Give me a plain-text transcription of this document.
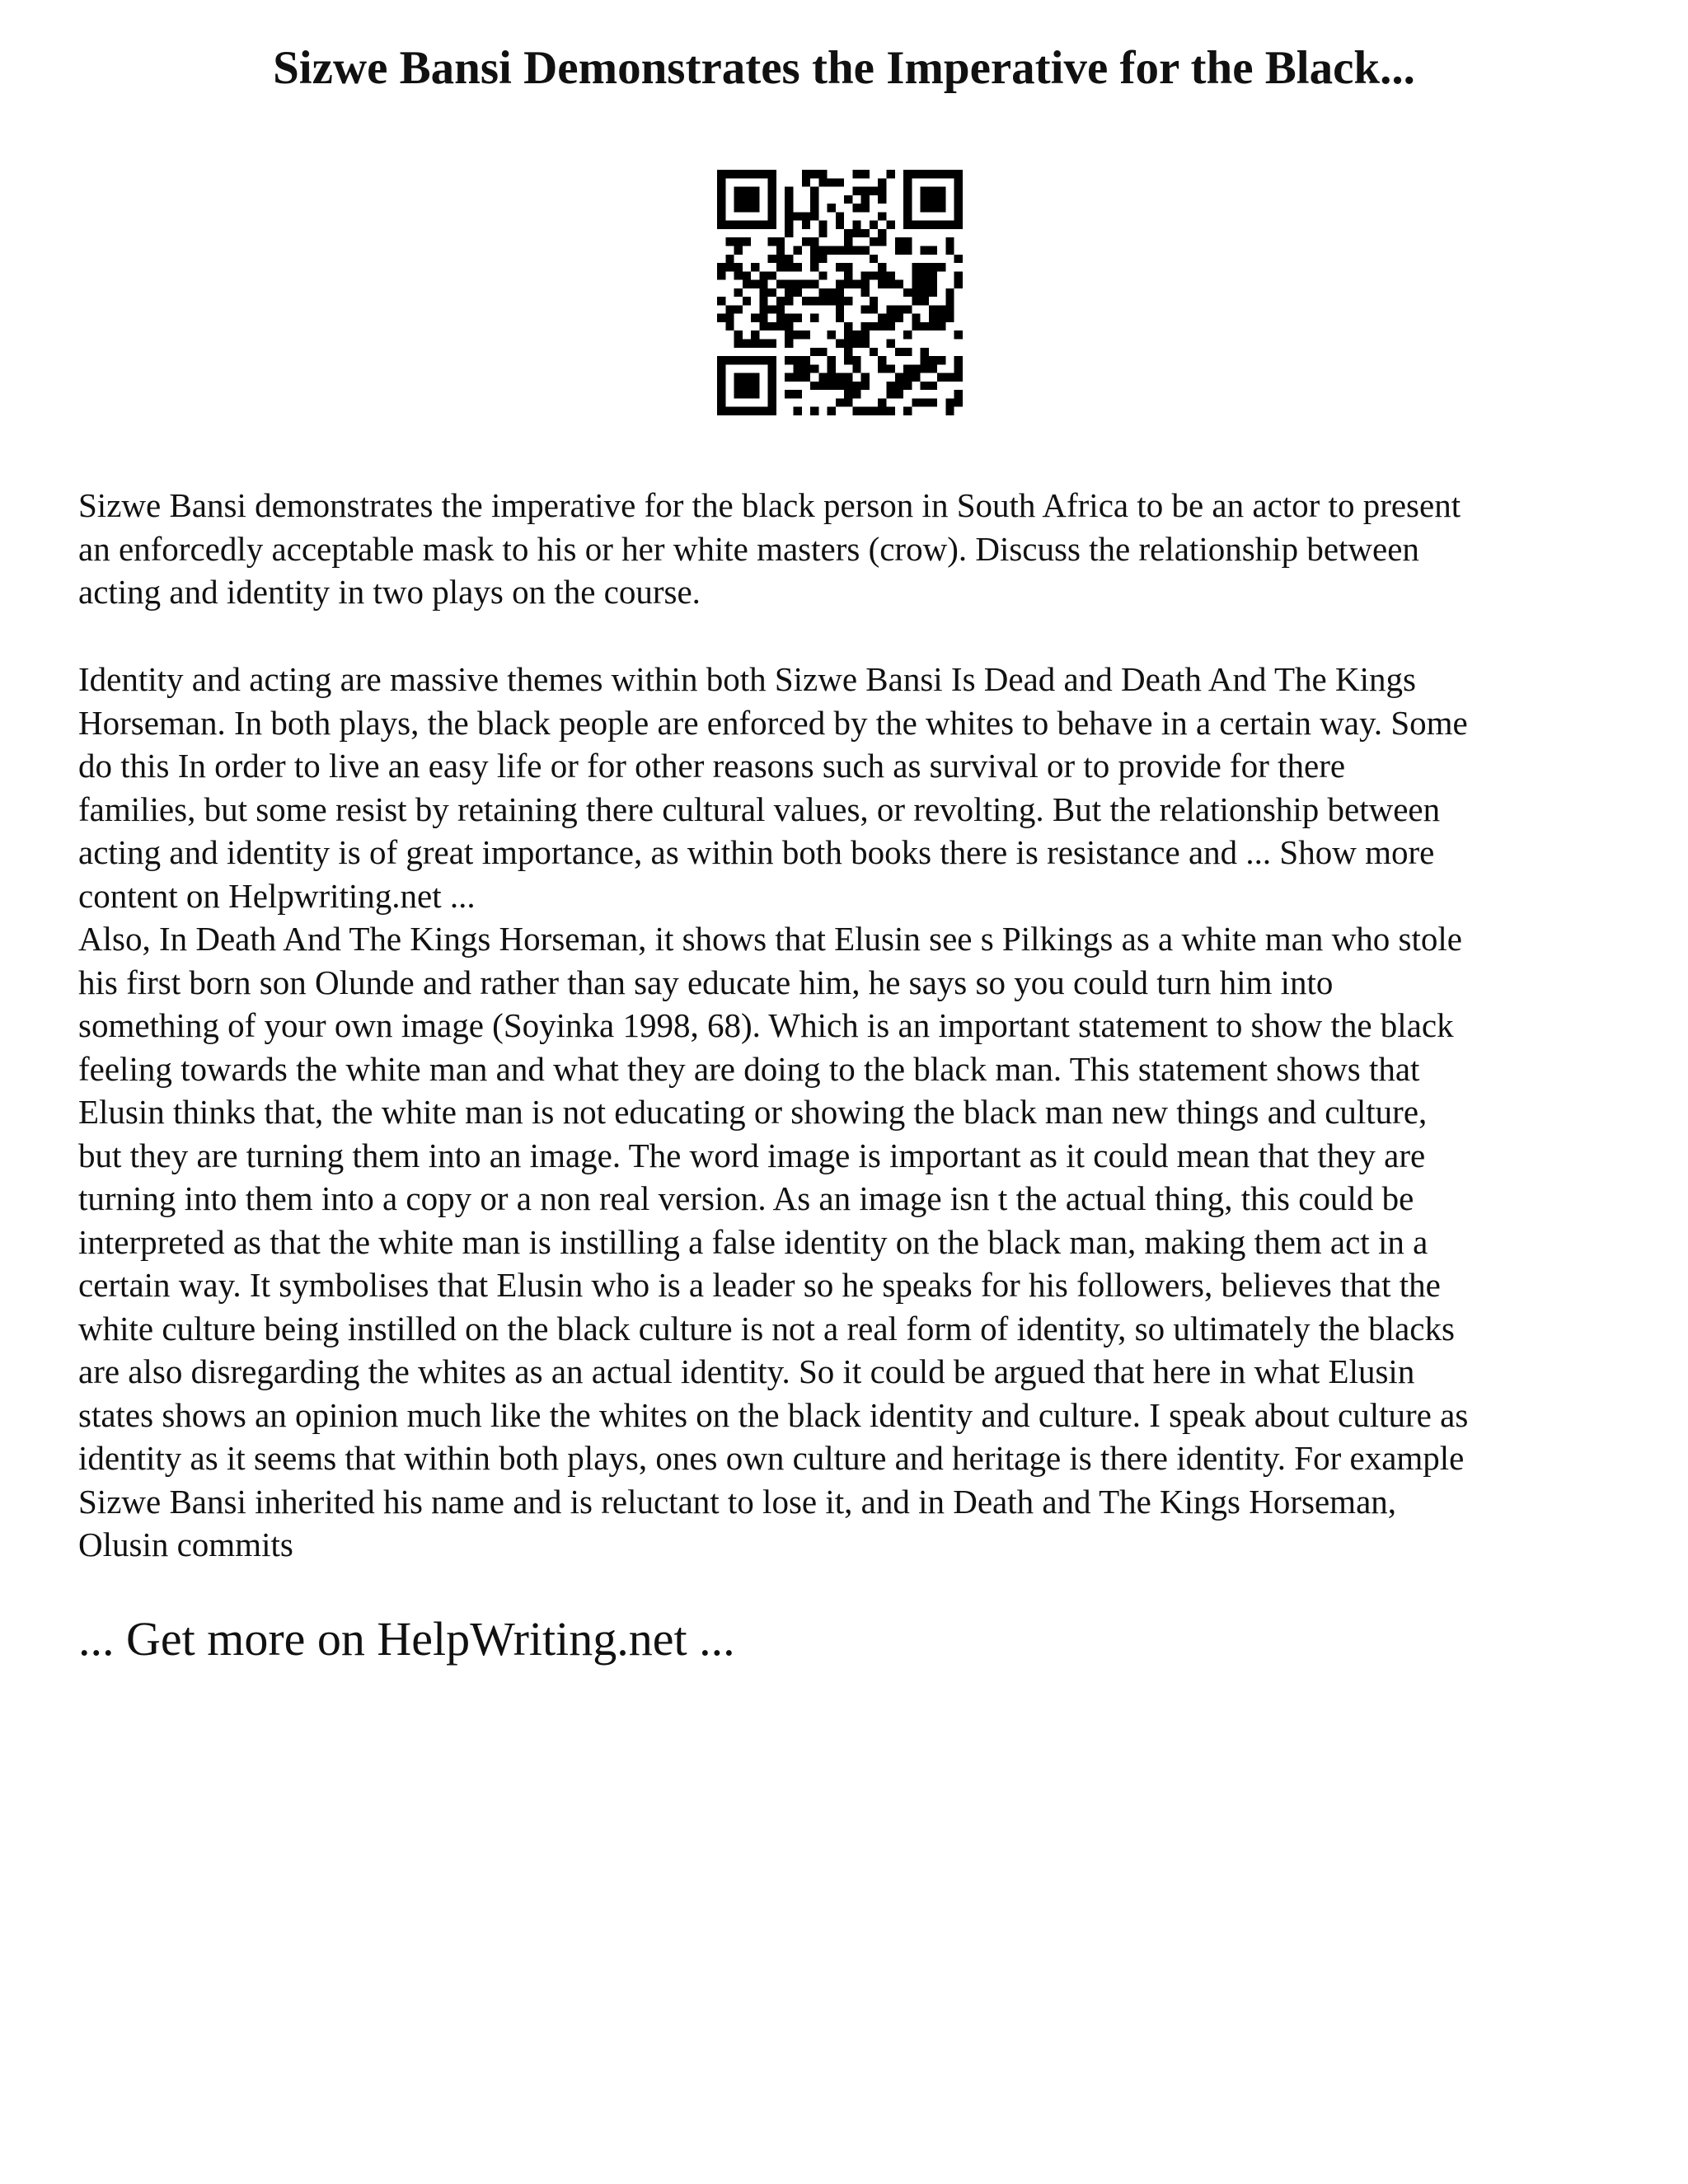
Sizwe Bansi Demonstrates the Imperative for the Black...
Sizwe Bansi demonstrates the imperative for the black person in South Africa to be an actor to present
an enforcedly acceptable mask to his or her white masters (crow). Discuss the relationship between
acting and identity in two plays on the course.
Identity and acting are massive themes within both Sizwe Bansi Is Dead and Death And The Kings
Horseman. In both plays, the black people are enforced by the whites to behave in a certain way. Some
do this In order to live an easy life or for other reasons such as survival or to provide for there
families, but some resist by retaining there cultural values, or revolting. But the relationship between
acting and identity is of great importance, as within both books there is resistance and ... Show more
content on Helpwriting.net ...
Also, In Death And The Kings Horseman, it shows that Elusin see s Pilkings as a white man who stole
his first born son Olunde and rather than say educate him, he says so you could turn him into
something of your own image (Soyinka 1998, 68). Which is an important statement to show the black
feeling towards the white man and what they are doing to the black man. This statement shows that
Elusin thinks that, the white man is not educating or showing the black man new things and culture,
but they are turning them into an image. The word image is important as it could mean that they are
turning into them into a copy or a non real version. As an image isn t the actual thing, this could be
interpreted as that the white man is instilling a false identity on the black man, making them act in a
certain way. It symbolises that Elusin who is a leader so he speaks for his followers, believes that the
white culture being instilled on the black culture is not a real form of identity, so ultimately the blacks
are also disregarding the whites as an actual identity. So it could be argued that here in what Elusin
states shows an opinion much like the whites on the black identity and culture. I speak about culture as
identity as it seems that within both plays, ones own culture and heritage is there identity. For example
Sizwe Bansi inherited his name and is reluctant to lose it, and in Death and The Kings Horseman,
Olusin commits
... Get more on HelpWriting.net ...
